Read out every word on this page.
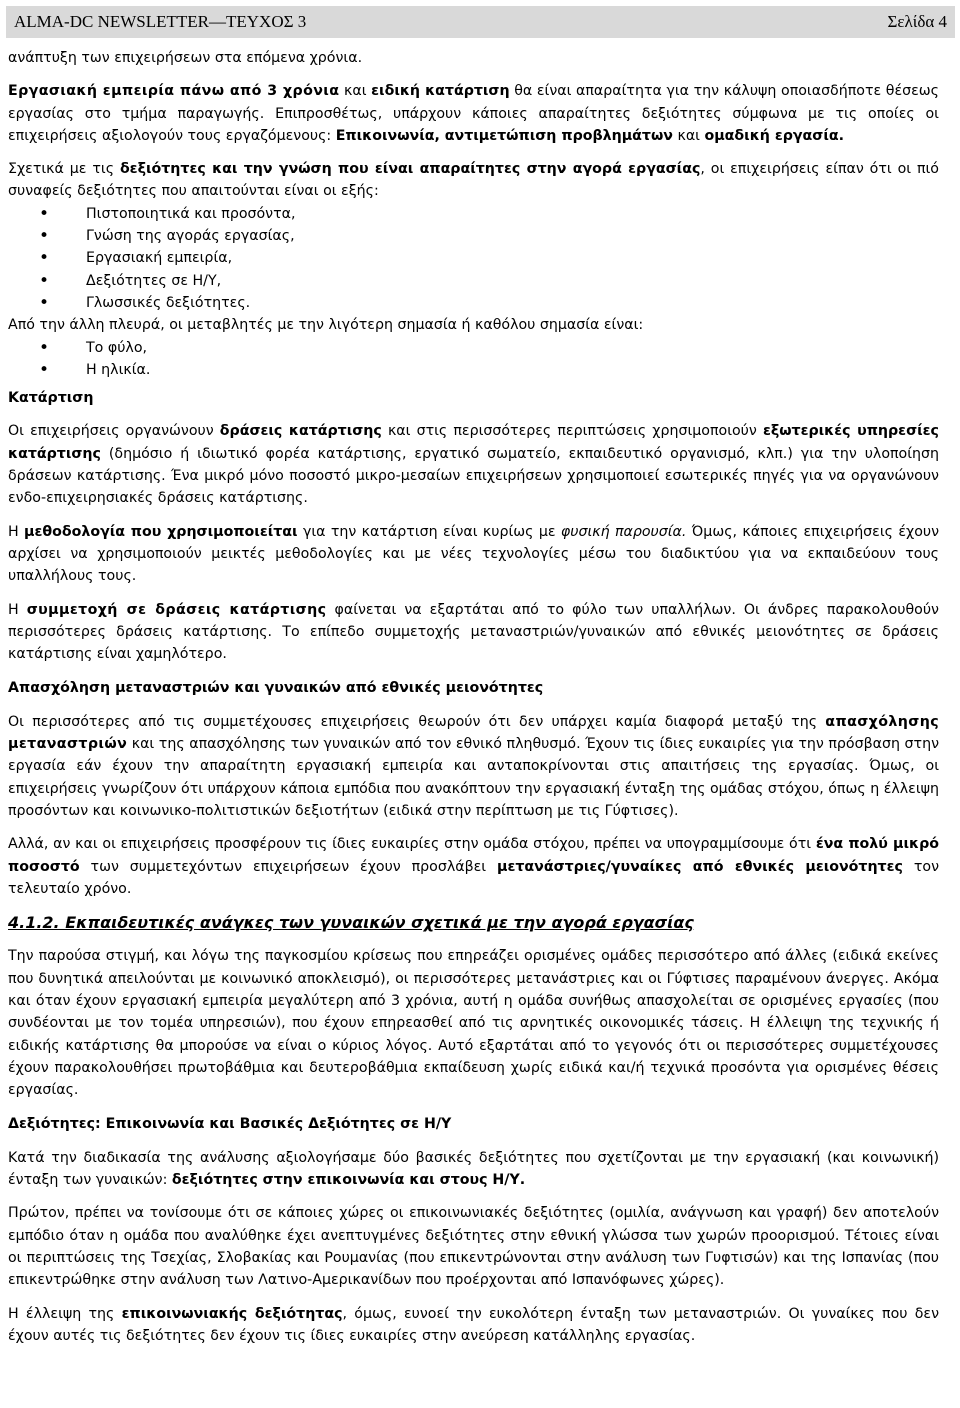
ALMA-DC NEWSLETTER—ΤΕΥΧΟΣ 3	Σελίδα 4

ανάπτυξη των επιχειρήσεων στα επόμενα χρόνια.

Εργασιακή εμπειρία πάνω από 3 χρόνια και ειδική κατάρτιση θα είναι απαραίτητα για την κάλυψη οποιασδήποτε θέσεως εργασίας στο τμήμα παραγωγής. Επιπροσθέτως, υπάρχουν κάποιες απαραίτητες δεξιότητες σύμφωνα με τις οποίες οι επιχειρήσεις αξιολογούν τους εργαζόμενους: Επικοινωνία, αντιμετώπιση προβλημάτων και ομαδική εργασία.

Σχετικά με τις δεξιότητες και την γνώση που είναι απαραίτητες στην αγορά εργασίας, οι επιχειρήσεις είπαν ότι οι πιό συναφείς δεξιότητες που απαιτούνται είναι οι εξής:

• Πιστοποιητικά και προσόντα,
• Γνώση της αγοράς εργασίας,
• Εργασιακή εμπειρία,
• Δεξιότητες σε Η/Υ,
• Γλωσσικές δεξιότητες.

Από την άλλη πλευρά, οι μεταβλητές με την λιγότερη σημασία ή καθόλου σημασία είναι:

• Το φύλο,
• Η ηλικία.
Κατάρτιση

Οι επιχειρήσεις οργανώνουν δράσεις κατάρτισης και στις περισσότερες περιπτώσεις χρησιμοποιούν εξωτερικές υπηρεσίες κατάρτισης (δημόσιο ή ιδιωτικό φορέα κατάρτισης, εργατικό σωματείο, εκπαιδευτικό οργανισμό, κλπ.) για την υλοποίηση δράσεων κατάρτισης. Ένα μικρό μόνο ποσοστό μικρο-μεσαίων επιχειρήσεων χρησιμοποιεί εσωτερικές πηγές για να οργανώνουν ενδο-επιχειρησιακές δράσεις κατάρτισης.

Η μεθοδολογία που χρησιμοποιείται για την κατάρτιση είναι κυρίως με φυσική παρουσία. Όμως, κάποιες επιχειρήσεις έχουν αρχίσει να χρησιμοποιούν μεικτές μεθοδολογίες και με νέες τεχνολογίες μέσω του διαδικτύου για να εκπαιδεύουν τους υπαλλήλους τους.

Η συμμετοχή σε δράσεις κατάρτισης φαίνεται να εξαρτάται από το φύλο των υπαλλήλων. Οι άνδρες παρακολουθούν περισσότερες δράσεις κατάρτισης. Το επίπεδο συμμετοχής μεταναστριών/γυναικών από εθνικές μειονότητες σε δράσεις κατάρτισης είναι χαμηλότερο.

Απασχόληση μεταναστριών και γυναικών από εθνικές μειονότητες

Οι περισσότερες από τις συμμετέχουσες επιχειρήσεις θεωρούν ότι δεν υπάρχει καμία διαφορά μεταξύ της απασχόλησης μεταναστριών και της απασχόλησης των γυναικών από τον εθνικό πληθυσμό. Έχουν τις ίδιες ευκαιρίες για την πρόσβαση στην εργασία εάν έχουν την απαραίτητη εργασιακή εμπειρία και ανταποκρίνονται στις απαιτήσεις της εργασίας. Όμως, οι επιχειρήσεις γνωρίζουν ότι υπάρχουν κάποια εμπόδια που ανακόπτουν την εργασιακή ένταξη της ομάδας στόχου, όπως η έλλειψη προσόντων και κοινωνικο-πολιτιστικών δεξιοτήτων (ειδικά στην περίπτωση με τις Γύφτισες).

Αλλά, αν και οι επιχειρήσεις προσφέρουν τις ίδιες ευκαιρίες στην ομάδα στόχου, πρέπει να υπογραμμίσουμε ότι ένα πολύ μικρό ποσοστό των συμμετεχόντων επιχειρήσεων έχουν προσλάβει μετανάστριες/γυναίκες από εθνικές μειονότητες τον τελευταίο χρόνο.

4.1.2. Εκπαιδευτικές ανάγκες των γυναικών σχετικά με την αγορά εργασίας

Την παρούσα στιγμή, και λόγω της παγκοσμίου κρίσεως που επηρεάζει ορισμένες ομάδες περισσότερο από άλλες (ειδικά εκείνες που δυνητικά απειλούνται με κοινωνικό αποκλεισμό), οι περισσότερες μετανάστριες και οι Γύφτισες παραμένουν άνεργες. Ακόμα και όταν έχουν εργασιακή εμπειρία μεγαλύτερη από 3 χρόνια, αυτή η ομάδα συνήθως απασχολείται σε ορισμένες εργασίες (που συνδέονται με τον τομέα υπηρεσιών), που έχουν επηρεασθεί από τις αρνητικές οικονομικές τάσεις. Η έλλειψη της τεχνικής ή ειδικής κατάρτισης θα μπορούσε να είναι ο κύριος λόγος. Αυτό εξαρτάται από το γεγονός ότι οι περισσότερες συμμετέχουσες έχουν παρακολουθήσει πρωτοβάθμια και δευτεροβάθμια εκπαίδευση χωρίς ειδικά και/ή τεχνικά προσόντα για ορισμένες θέσεις εργασίας.

Δεξιότητες: Επικοινωνία και Βασικές Δεξιότητες σε Η/Υ

Κατά την διαδικασία της ανάλυσης αξιολογήσαμε δύο βασικές δεξιότητες που σχετίζονται με την εργασιακή (και κοινωνική) ένταξη των γυναικών: δεξιότητες στην επικοινωνία και στους Η/Υ.

Πρώτον, πρέπει να τονίσουμε ότι σε κάποιες χώρες οι επικοινωνιακές δεξιότητες (ομιλία, ανάγνωση και γραφή) δεν αποτελούν εμπόδιο όταν η ομάδα που αναλύθηκε έχει ανεπτυγμένες δεξιότητες στην εθνική γλώσσα των χωρών προορισμού. Τέτοιες είναι οι περιπτώσεις της Τσεχίας, Σλοβακίας και Ρουμανίας (που επικεντρώνονται στην ανάλυση των Γυφτισών) και της Ισπανίας (που επικεντρώθηκε στην ανάλυση των Λατινο-Αμερικανίδων που προέρχονται από Ισπανόφωνες χώρες).

Η έλλειψη της επικοινωνιακής δεξιότητας, όμως, ευνοεί την ευκολότερη ένταξη των μεταναστριών. Οι γυναίκες που δεν έχουν αυτές τις δεξιότητες δεν έχουν τις ίδιες ευκαιρίες στην ανεύρεση κατάλληλης εργασίας.
